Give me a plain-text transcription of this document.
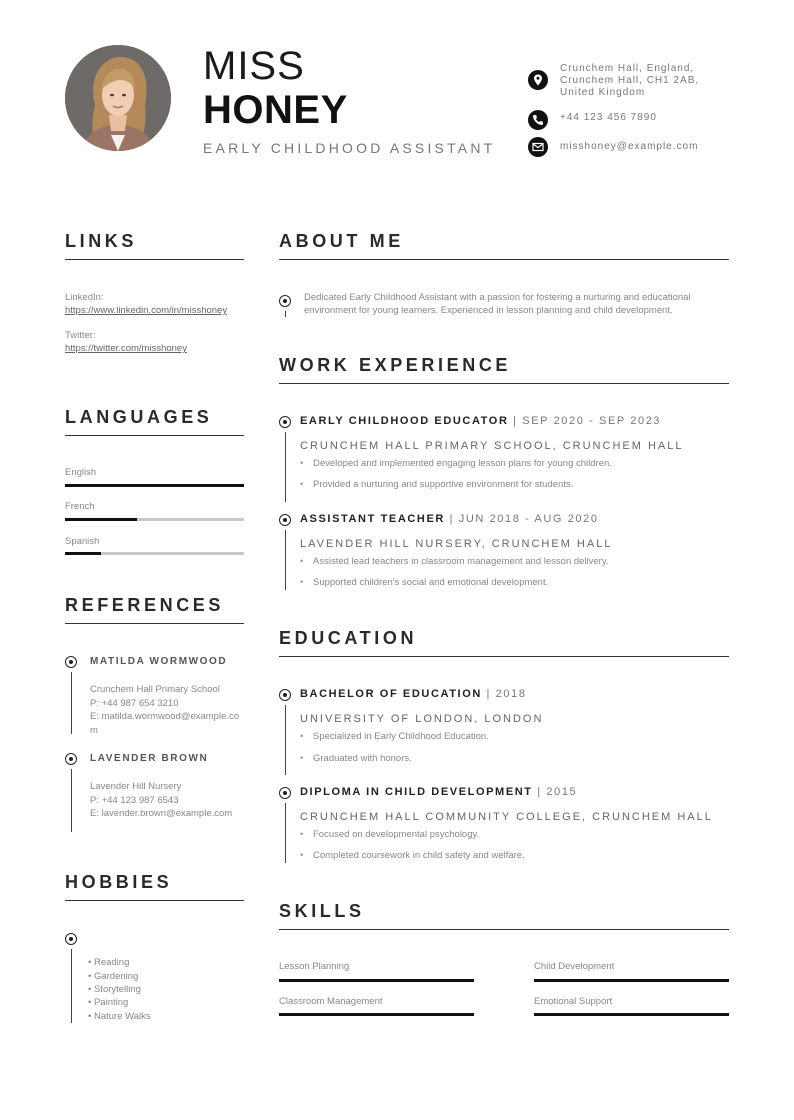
MISS
HONEY
EARLY CHILDHOOD ASSISTANT
Crunchem Hall, England,
Crunchem Hall, CH1 2AB,
United Kingdom
+44 123 456 7890
misshoney@example.com
LINKS
LinkedIn:
https://www.linkedin.com/in/misshoney
Twitter:
https://twitter.com/misshoney
LANGUAGES
English
French
Spanish
REFERENCES
MATILDA WORMWOOD
Crunchem Hall Primary School
P: +44 987 654 3210
E: matilda.wormwood@example.com
LAVENDER BROWN
Lavender Hill Nursery
P: +44 123 987 6543
E: lavender.brown@example.com
HOBBIES
• Reading
• Gardening
• Storytelling
• Painting
• Nature Walks
ABOUT ME
Dedicated Early Childhood Assistant with a passion for fostering a nurturing and educational
environment for young learners. Experienced in lesson planning and child development.
WORK EXPERIENCE
EARLY CHILDHOOD EDUCATOR | SEP 2020 - SEP 2023
CRUNCHEM HALL PRIMARY SCHOOL, CRUNCHEM HALL
• Developed and implemented engaging lesson plans for young children.
• Provided a nurturing and supportive environment for students.
ASSISTANT TEACHER | JUN 2018 - AUG 2020
LAVENDER HILL NURSERY, CRUNCHEM HALL
• Assisted lead teachers in classroom management and lesson delivery.
• Supported children's social and emotional development.
EDUCATION
BACHELOR OF EDUCATION | 2018
UNIVERSITY OF LONDON, LONDON
• Specialized in Early Childhood Education.
• Graduated with honors.
DIPLOMA IN CHILD DEVELOPMENT | 2015
CRUNCHEM HALL COMMUNITY COLLEGE, CRUNCHEM HALL
• Focused on developmental psychology.
• Completed coursework in child safety and welfare.
SKILLS
Lesson Planning	Child Development
Classroom Management	Emotional Support
